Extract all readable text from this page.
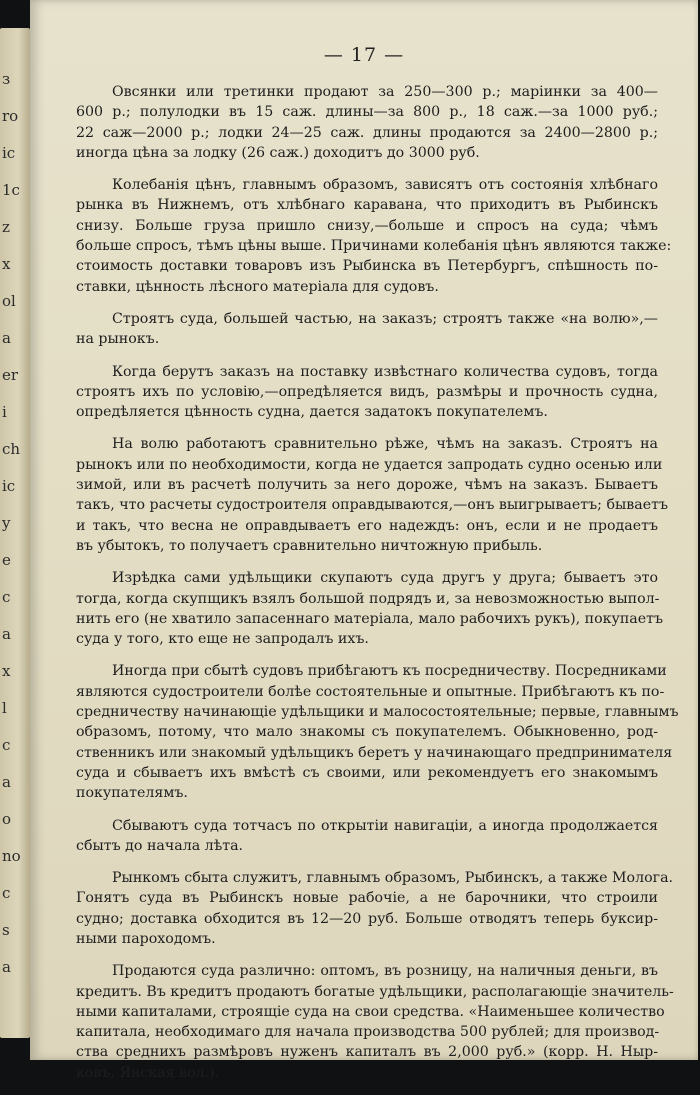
з
ro
ic
1c
z
x
ol
a
er
i
ch
ic
y
e
c
a
x
l
c
a
o
no
c
s
a
— 17 —

Овсянки или третинки продают за 250—300 р.; маріинки за 400—
600 р.; полулодки въ 15 саж. длины—за 800 р., 18 саж.—за 1000 руб.;
22 саж—2000 р.; лодки 24—25 саж. длины продаются за 2400—2800 р.;
иногда цѣна за лодку (26 саж.) доходитъ до 3000 руб.

Колебанія цѣнъ, главнымъ образомъ, зависятъ отъ состоянія хлѣбнаго
рынка въ Нижнемъ, отъ хлѣбнаго каравана, что приходитъ въ Рыбинскъ
снизу. Больше груза пришло снизу,—больше и спросъ на суда; чѣмъ
больше спросъ, тѣмъ цѣны выше. Причинами колебанія цѣнъ являются также:
стоимость доставки товаровъ изъ Рыбинска въ Петербургъ, спѣшность по-
ставки, цѣнность лѣсного матеріала для судовъ.

Строятъ суда, большей частью, на заказъ; строятъ также «на волю»,—
на рынокъ.

Когда берутъ заказъ на поставку извѣстнаго количества судовъ, тогда
строятъ ихъ по условію,—опредѣляется видъ, размѣры и прочность судна,
опредѣляется цѣнность судна, дается задатокъ покупателемъ.

На волю работаютъ сравнительно рѣже, чѣмъ на заказъ. Строятъ на
рынокъ или по необходимости, когда не удается запродать судно осенью или
зимой, или въ расчетѣ получить за него дороже, чѣмъ на заказъ. Бываетъ
такъ, что расчеты судостроителя оправдываются,—онъ выигрываетъ; бываетъ
и такъ, что весна не оправдываетъ его надеждъ: онъ, если и не продаетъ
въ убытокъ, то получаетъ сравнительно ничтожную прибыль.

Изрѣдка сами удѣльщики скупаютъ суда другъ у друга; бываетъ это
тогда, когда скупщикъ взялъ большой подрядъ и, за невозможностью выпол-
нить его (не хватило запасеннаго матеріала, мало рабочихъ рукъ), покупаетъ
суда у того, кто еще не запродалъ ихъ.

Иногда при сбытѣ судовъ прибѣгаютъ къ посредничеству. Посредниками
являются судостроители болѣе состоятельные и опытные. Прибѣгаютъ къ по-
средничеству начинающіе удѣльщики и малосостоятельные; первые, главнымъ
образомъ, потому, что мало знакомы съ покупателемъ. Обыкновенно, род-
ственникъ или знакомый удѣльщикъ беретъ у начинающаго предпринимателя
суда и сбываетъ ихъ вмѣстѣ съ своими, или рекомендуетъ его знакомымъ
покупателямъ.

Сбываютъ суда тотчасъ по открытіи навигаціи, а иногда продолжается
сбытъ до начала лѣта.

Рынкомъ сбыта служитъ, главнымъ образомъ, Рыбинскъ, а также Молога.
Гонятъ суда въ Рыбинскъ новые рабочіе, а не барочники, что строили
судно; доставка обходится въ 12—20 руб. Больше отводятъ теперь буксир-
ными пароходомъ.

Продаются суда различно: оптомъ, въ розницу, на наличныя деньги, въ
кредитъ. Въ кредитъ продаютъ богатые удѣльщики, располагающіе значитель-
ными капиталами, строящіе суда на свои средства. «Наименьшее количество
капитала, необходимаго для начала производства 500 рублей; для производ-
ства среднихъ размѣровъ нуженъ капиталъ въ 2,000 руб.» (корр. Н. Ныр-
ковъ, Янская вол.).
